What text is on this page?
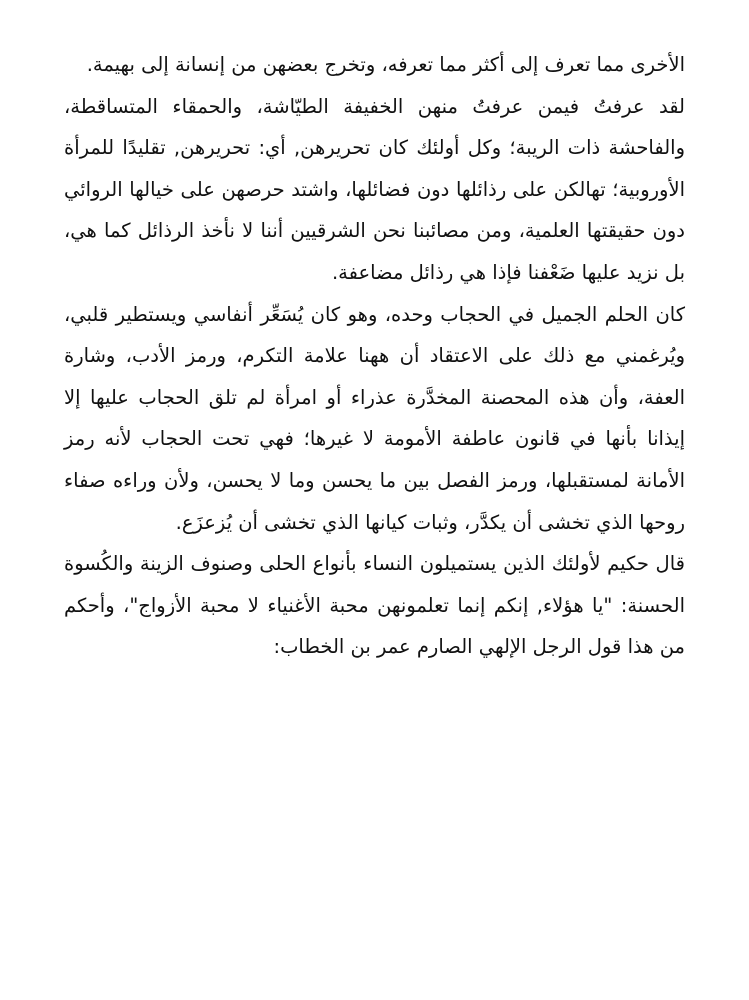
الأخرى مما تعرف إلى أكثر مما تعرفه، وتخرج بعضهن من إنسانة إلى بهيمة.

لقد عرفتُ فيمن عرفتُ منهن الخفيفة الطيّاشة، والحمقاء المتساقطة، والفاحشة ذات الريبة؛ وكل أولئك كان تحريرهن, أي: تحريرهن, تقليدًا للمرأة الأوروبية؛ تهالكن على رذائلها دون فضائلها، واشتد حرصهن على خيالها الروائي دون حقيقتها العلمية، ومن مصائبنا نحن الشرقيين أننا لا نأخذ الرذائل كما هي، بل نزيد عليها ضَعْفنا فإذا هي رذائل مضاعفة.

كان الحلم الجميل في الحجاب وحده، وهو كان يُسَعِّر أنفاسي ويستطير قلبي، ويُرغمني مع ذلك على الاعتقاد أن ههنا علامة التكرم، ورمز الأدب، وشارة العفة، وأن هذه المحصنة المخدَّرة عذراء أو امرأة لم تلق الحجاب عليها إلا إيذانا بأنها في قانون عاطفة الأمومة لا غيرها؛ فهي تحت الحجاب لأنه رمز الأمانة لمستقبلها، ورمز الفصل بين ما يحسن وما لا يحسن، ولأن وراءه صفاء روحها الذي تخشى أن يكدَّر، وثبات كيانها الذي تخشى أن يُزعزَع.

قال حكيم لأولئك الذين يستميلون النساء بأنواع الحلى وصنوف الزينة والكُسوة الحسنة: "يا هؤلاء, إنكم إنما تعلمونهن محبة الأغنياء لا محبة الأزواج"، وأحكم من هذا قول الرجل الإلهي الصارم عمر بن الخطاب:
